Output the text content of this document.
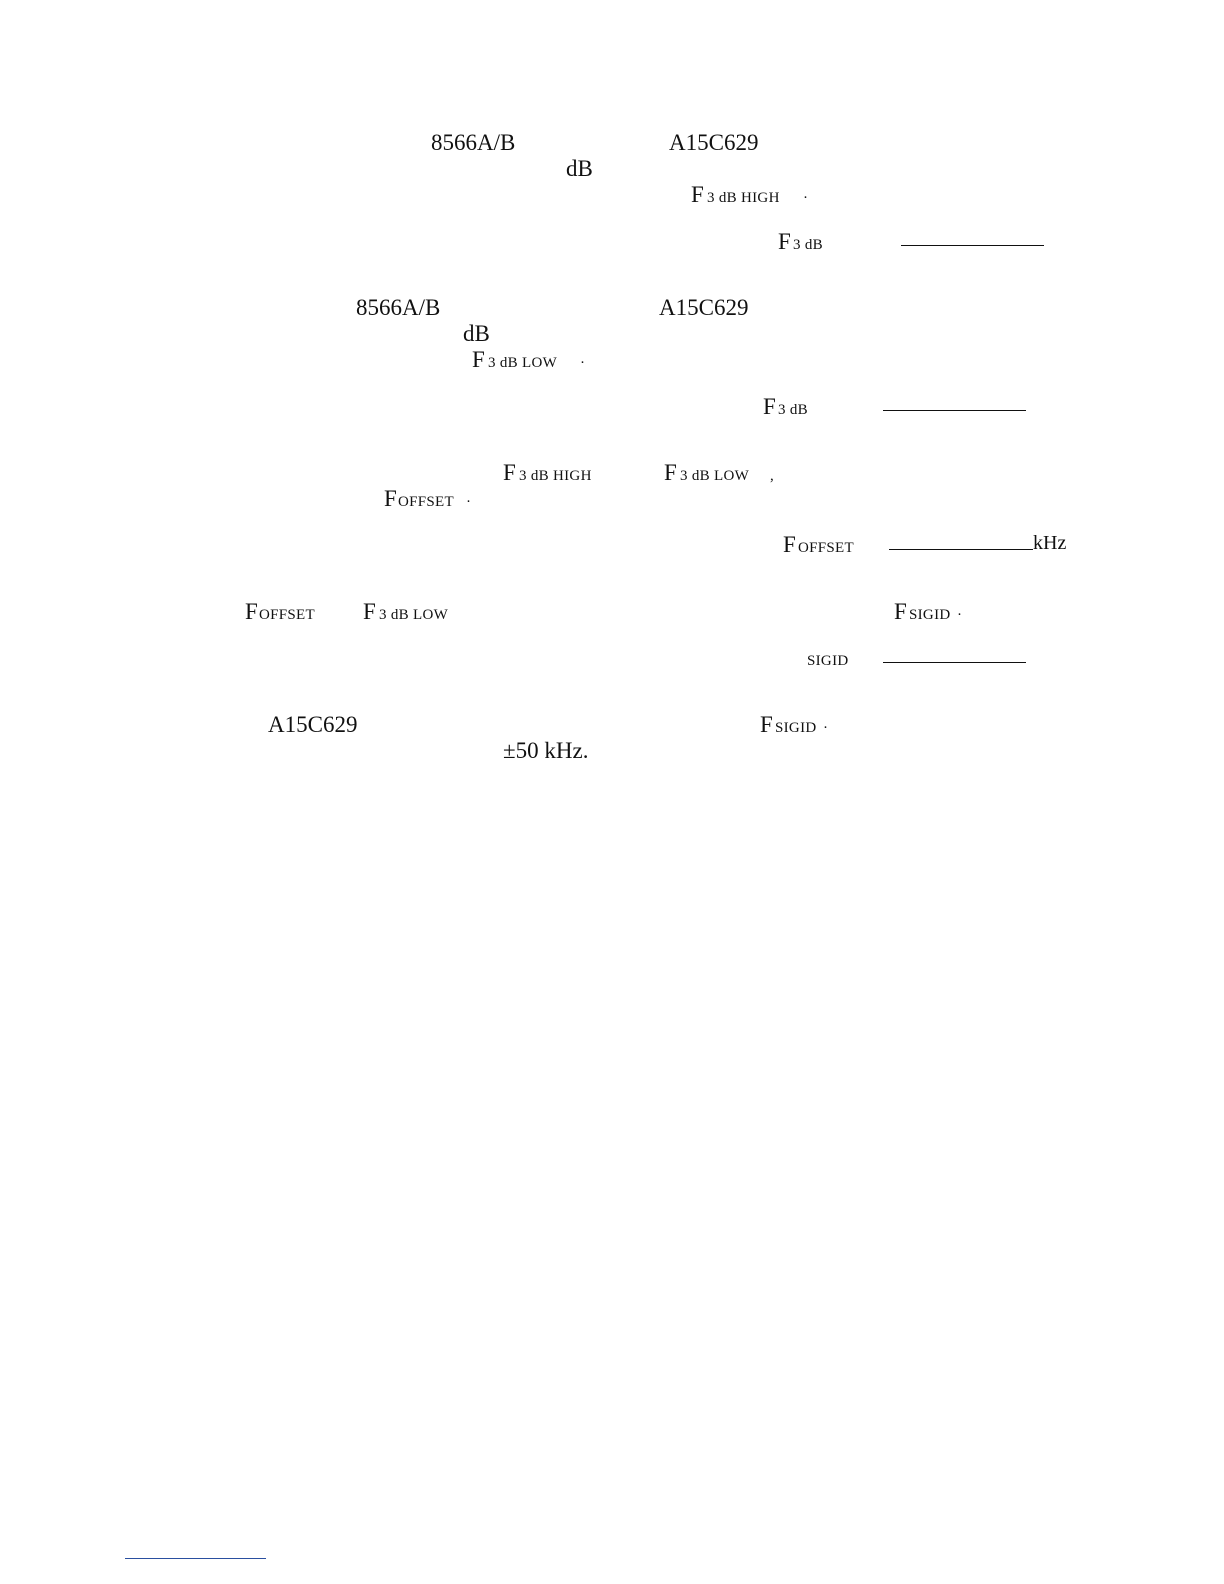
8566A/B	A15C629
dB
F 3 dB HIGH ·
F 3 dB
8566A/B	A15C629
dB
F 3 dB LOW ·
F 3 dB
F 3 dB HIGH	F 3 dB LOW ,
F OFFSET ·
F OFFSET	kHz
F OFFSET F 3 dB LOW	F SIGID ·
SIGID
A15C629	F SIGID ·
±50 kHz.
